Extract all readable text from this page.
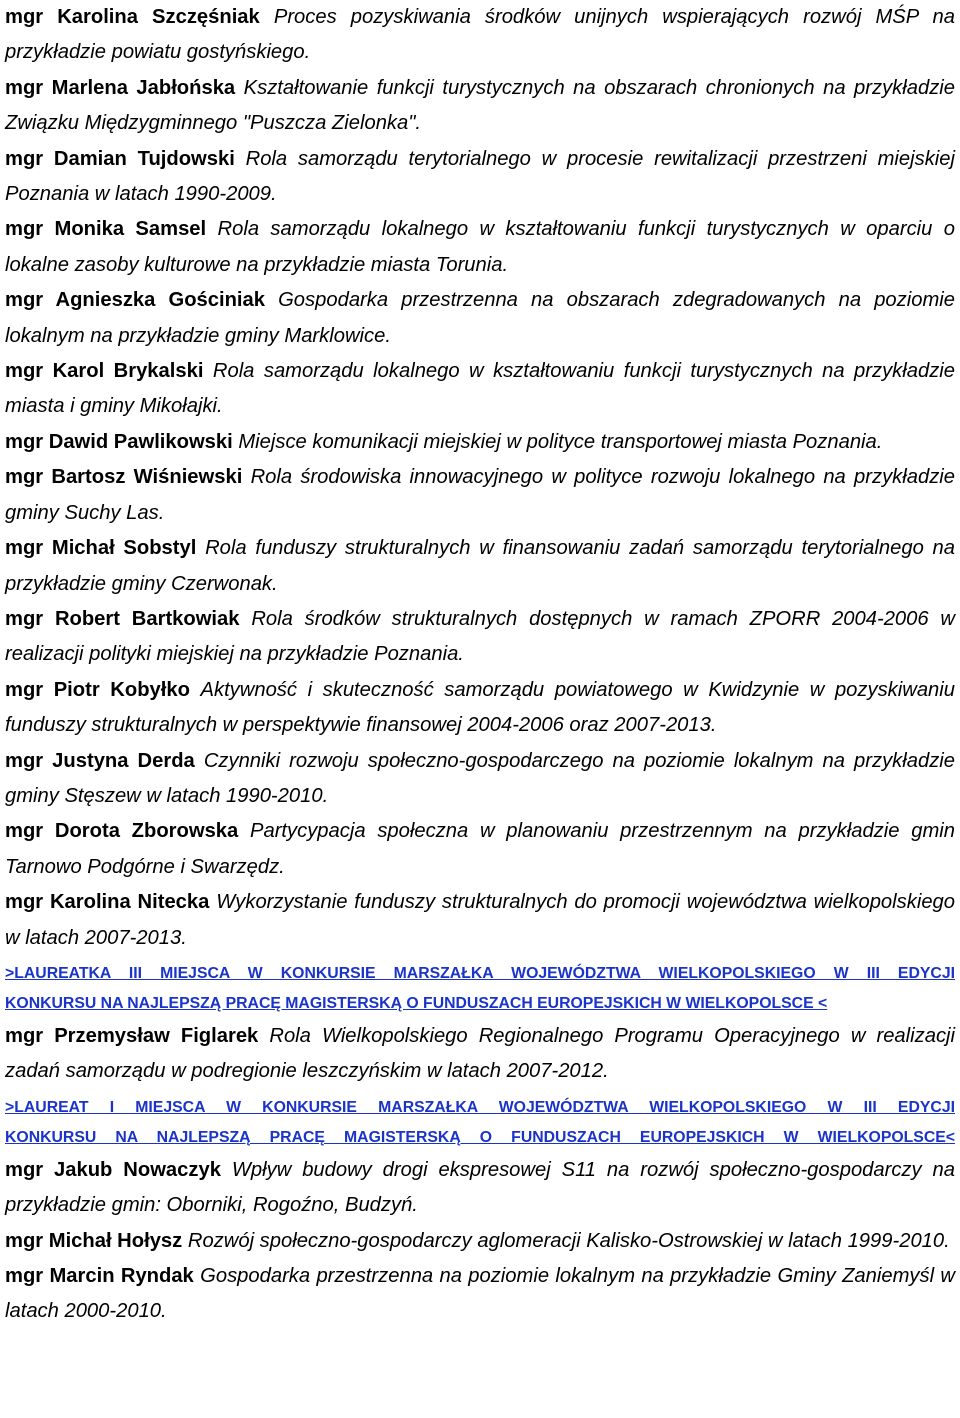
mgr Karolina Szczęśniak Proces pozyskiwania środków unijnych wspierających rozwój MŚP na przykładzie powiatu gostyńskiego.

mgr Marlena Jabłońska Kształtowanie funkcji turystycznych na obszarach chronionych na przykładzie Związku Międzygminnego "Puszcza Zielonka".

mgr Damian Tujdowski Rola samorządu terytorialnego w procesie rewitalizacji przestrzeni miejskiej Poznania w latach 1990-2009.

mgr Monika Samsel Rola samorządu lokalnego w kształtowaniu funkcji turystycznych w oparciu o lokalne zasoby kulturowe na przykładzie miasta Torunia.

mgr Agnieszka Gościniak Gospodarka przestrzenna na obszarach zdegradowanych na poziomie lokalnym na przykładzie gminy Marklowice.

mgr Karol Brykalski Rola samorządu lokalnego w kształtowaniu funkcji turystycznych na przykładzie miasta i gminy Mikołajki.

mgr Dawid Pawlikowski Miejsce komunikacji miejskiej w polityce transportowej miasta Poznania.

mgr Bartosz Wiśniewski Rola środowiska innowacyjnego w polityce rozwoju lokalnego na przykładzie gminy Suchy Las.

mgr Michał Sobstyl Rola funduszy strukturalnych w finansowaniu zadań samorządu terytorialnego na przykładzie gminy Czerwonak.

mgr Robert Bartkowiak Rola środków strukturalnych dostępnych w ramach ZPORR 2004-2006 w realizacji polityki miejskiej na przykładzie Poznania.

mgr Piotr Kobyłko Aktywność i skuteczność samorządu powiatowego w Kwidzynie w pozyskiwaniu funduszy strukturalnych w perspektywie finansowej 2004-2006 oraz 2007-2013.

mgr Justyna Derda Czynniki rozwoju społeczno-gospodarczego na poziomie lokalnym na przykładzie gminy Stęszew w latach 1990-2010.

mgr Dorota Zborowska Partycypacja społeczna w planowaniu przestrzennym na przykładzie gmin Tarnowo Podgórne i Swarzędz.

mgr Karolina Nitecka Wykorzystanie funduszy strukturalnych do promocji województwa wielkopolskiego w latach 2007-2013.

>LAUREATKA III MIEJSCA W KONKURSIE MARSZAŁKA WOJEWÓDZTWA WIELKOPOLSKIEGO W III EDYCJI

KONKURSU NA NAJLEPSZĄ PRACĘ MAGISTERSKĄ O FUNDUSZACH EUROPEJSKICH W WIELKOPOLSCE <

mgr Przemysław Figlarek Rola Wielkopolskiego Regionalnego Programu Operacyjnego w realizacji zadań samorządu w podregionie leszczyńskim w latach 2007-2012.

>LAUREAT I MIEJSCA W KONKURSIE MARSZAŁKA WOJEWÓDZTWA WIELKOPOLSKIEGO W III EDYCJI

KONKURSU NA NAJLEPSZĄ PRACĘ MAGISTERSKĄ O FUNDUSZACH EUROPEJSKICH W WIELKOPOLSCE<

mgr Jakub Nowaczyk Wpływ budowy drogi ekspresowej S11 na rozwój społeczno-gospodarczy na przykładzie gmin: Oborniki, Rogoźno, Budzyń.

mgr Michał Hołysz Rozwój społeczno-gospodarczy aglomeracji Kalisko-Ostrowskiej w latach 1999-2010.

mgr Marcin Ryndak Gospodarka przestrzenna na poziomie lokalnym na przykładzie Gminy Zaniemyśl w latach 2000-2010.
